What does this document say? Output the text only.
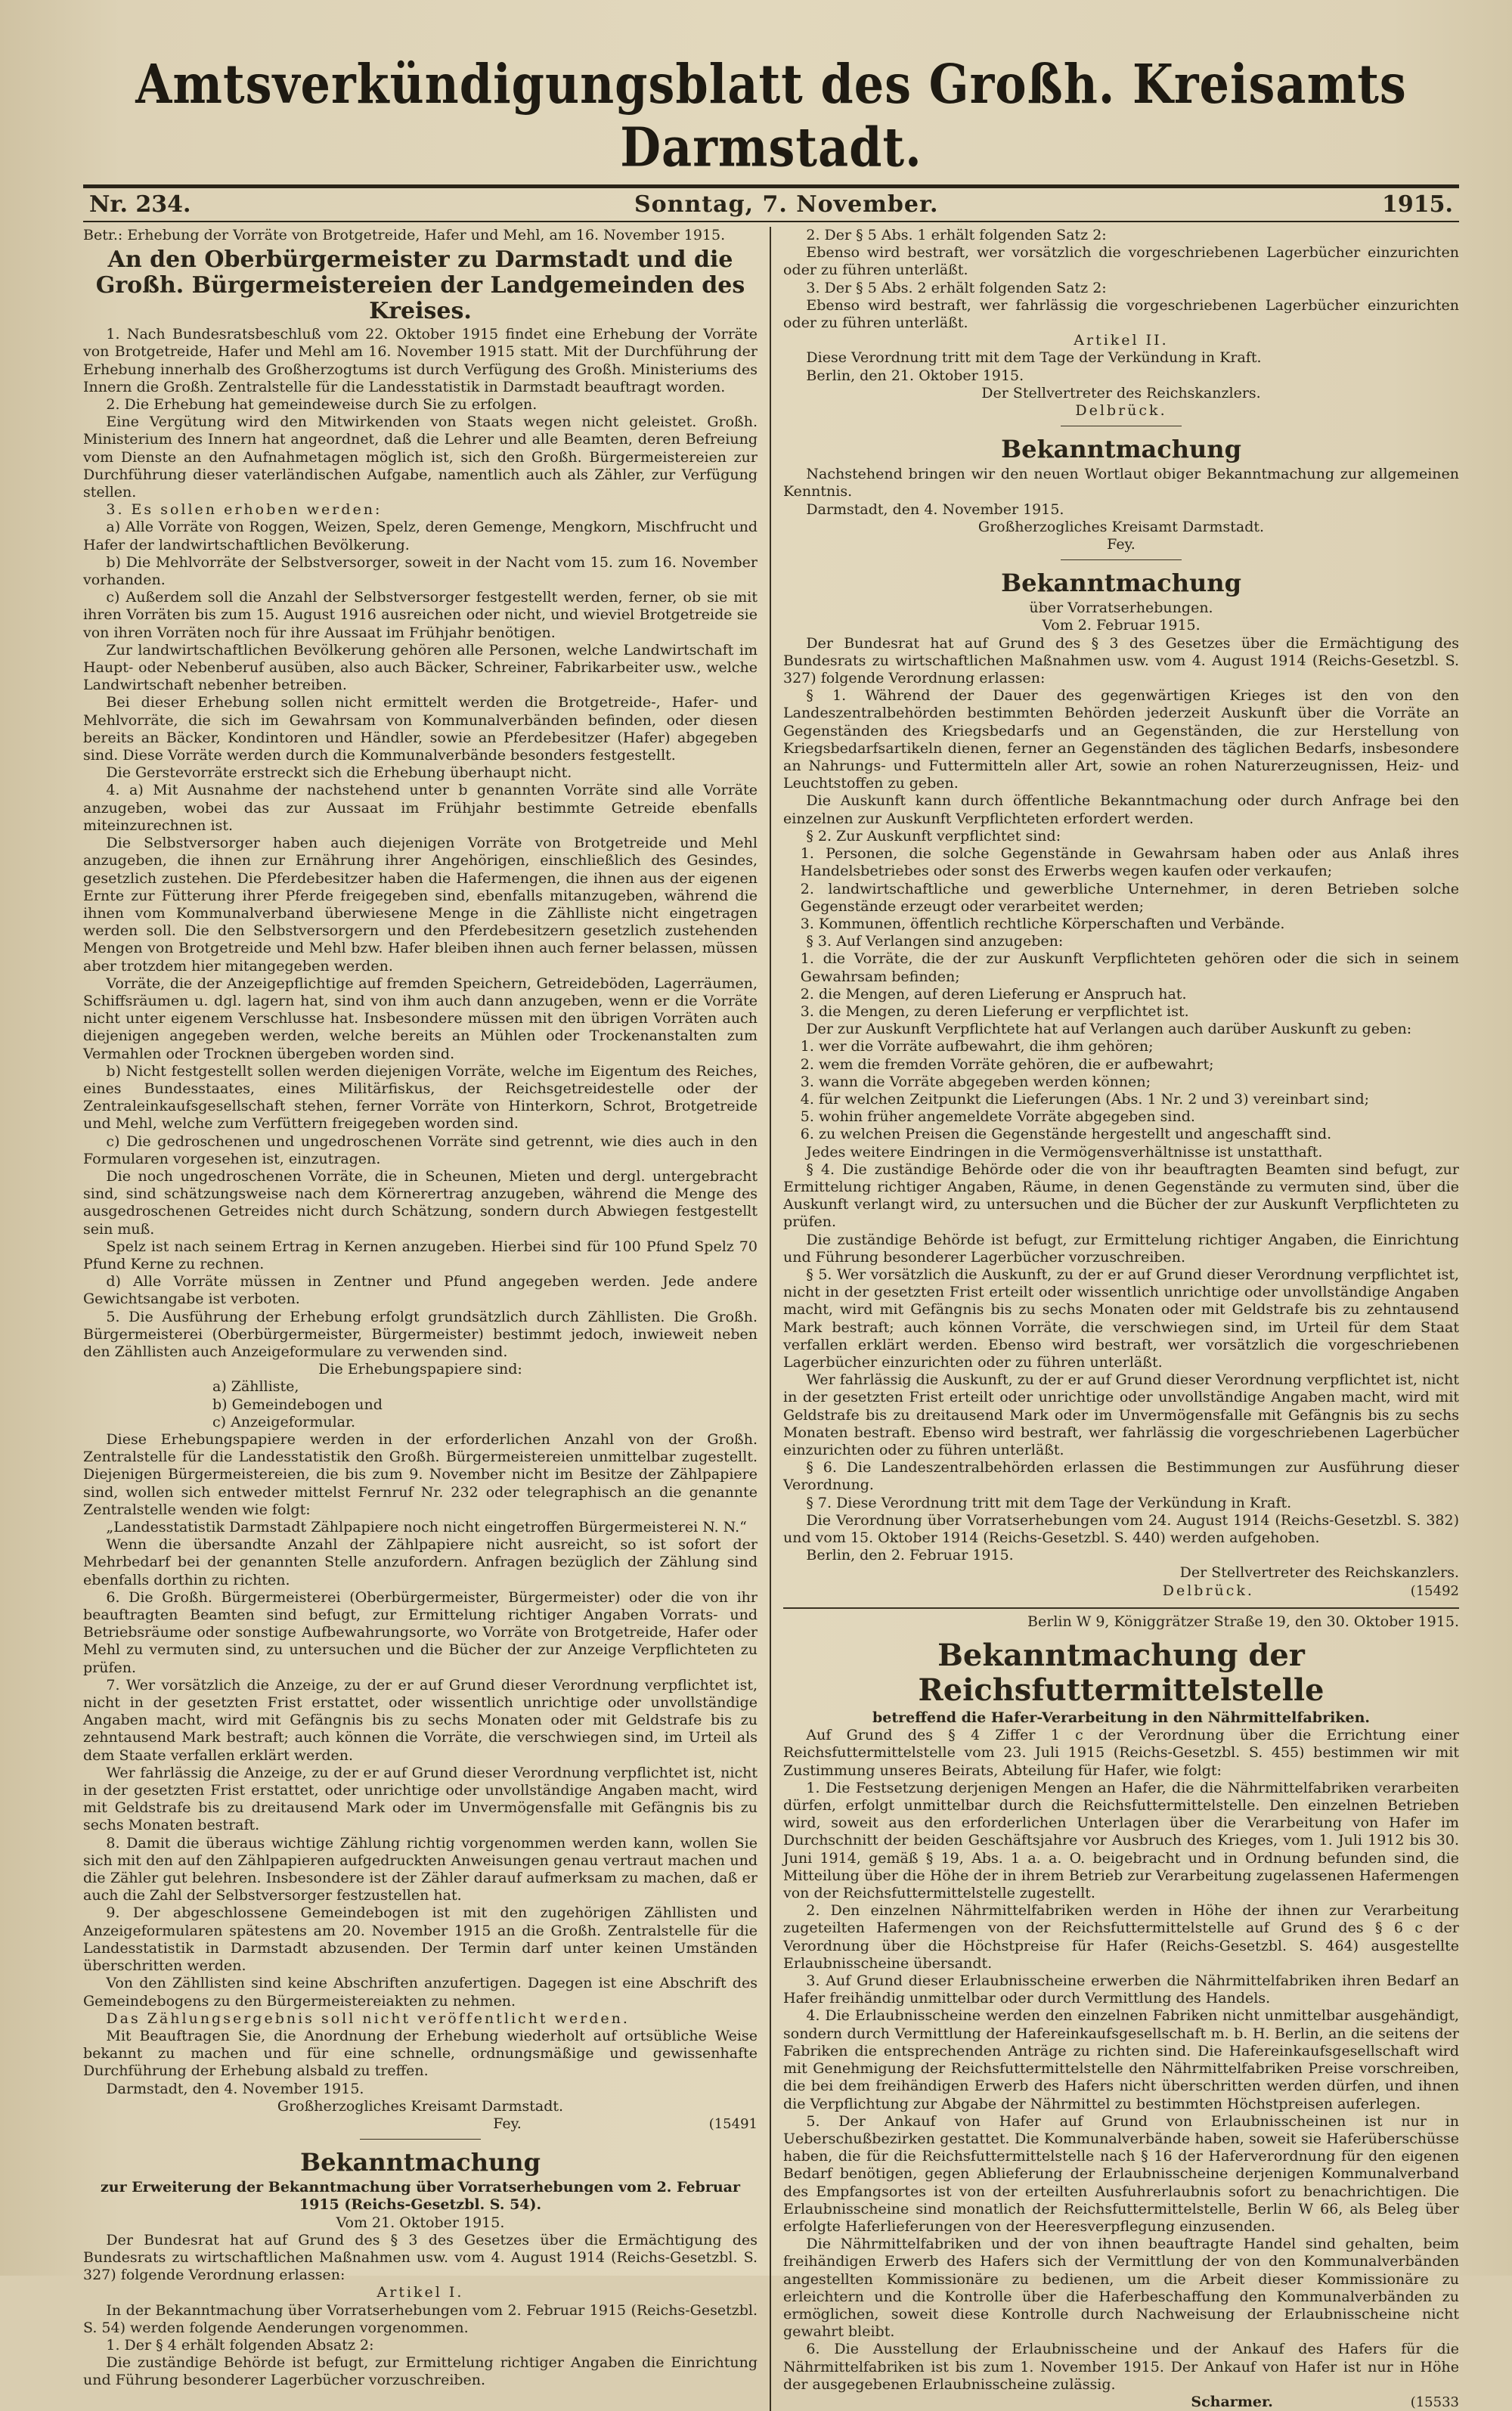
Amtsverkündigungsblatt des Großh. Kreisamts Darmstadt.
Nr. 234.	Sonntag, 7. November.	1915.

Betr.: Erhebung der Vorräte von Brotgetreide, Hafer und Mehl, am 16. November 1915.

An den Oberbürgermeister zu Darmstadt und die Großh. Bürgermeistereien der Landgemeinden des Kreises.

1. Nach Bundesratsbeschluß vom 22. Oktober 1915 findet eine Erhebung der Vorräte von Brotgetreide, Hafer und Mehl am 16. November 1915 statt. Mit der Durchführung der Erhebung innerhalb des Großherzogtums ist durch Verfügung des Großh. Ministeriums des Innern die Großh. Zentralstelle für die Landesstatistik in Darmstadt beauftragt worden.

2. Die Erhebung hat gemeindeweise durch Sie zu erfolgen.

Eine Vergütung wird den Mitwirkenden von Staats wegen nicht geleistet. Großh. Ministerium des Innern hat angeordnet, daß die Lehrer und alle Beamten, deren Befreiung vom Dienste an den Aufnahmetagen möglich ist, sich den Großh. Bürgermeistereien zur Durchführung dieser vaterländischen Aufgabe, namentlich auch als Zähler, zur Verfügung stellen.

3. Es sollen erhoben werden:

a) Alle Vorräte von Roggen, Weizen, Spelz, deren Gemenge, Mengkorn, Mischfrucht und Hafer der landwirtschaftlichen Bevölkerung.

b) Die Mehlvorräte der Selbstversorger, soweit in der Nacht vom 15. zum 16. November vorhanden.

c) Außerdem soll die Anzahl der Selbstversorger festgestellt werden, ferner, ob sie mit ihren Vorräten bis zum 15. August 1916 ausreichen oder nicht, und wieviel Brotgetreide sie von ihren Vorräten noch für ihre Aussaat im Frühjahr benötigen.

Zur landwirtschaftlichen Bevölkerung gehören alle Personen, welche Landwirtschaft im Haupt- oder Nebenberuf ausüben, also auch Bäcker, Schreiner, Fabrikarbeiter usw., welche Landwirtschaft nebenher betreiben.

Bei dieser Erhebung sollen nicht ermittelt werden die Brotgetreide-, Hafer- und Mehlvorräte, die sich im Gewahrsam von Kommunalverbänden befinden, oder diesen bereits an Bäcker, Kondintoren und Händler, sowie an Pferdebesitzer (Hafer) abgegeben sind. Diese Vorräte werden durch die Kommunalverbände besonders festgestellt.

Die Gerstevorräte erstreckt sich die Erhebung überhaupt nicht.

4. a) Mit Ausnahme der nachstehend unter b genannten Vorräte sind alle Vorräte anzugeben, wobei das zur Aussaat im Frühjahr bestimmte Getreide ebenfalls miteinzurechnen ist.

Die Selbstversorger haben auch diejenigen Vorräte von Brotgetreide und Mehl anzugeben, die ihnen zur Ernährung ihrer Angehörigen, einschließlich des Gesindes, gesetzlich zustehen. Die Pferdebesitzer haben die Hafermengen, die ihnen aus der eigenen Ernte zur Fütterung ihrer Pferde freigegeben sind, ebenfalls mitanzugeben, während die ihnen vom Kommunalverband überwiesene Menge in die Zählliste nicht eingetragen werden soll. Die den Selbstversorgern und den Pferdebesitzern gesetzlich zustehenden Mengen von Brotgetreide und Mehl bzw. Hafer bleiben ihnen auch ferner belassen, müssen aber trotzdem hier mitangegeben werden.

Vorräte, die der Anzeigepflichtige auf fremden Speichern, Getreideböden, Lagerräumen, Schiffsräumen u. dgl. lagern hat, sind von ihm auch dann anzugeben, wenn er die Vorräte nicht unter eigenem Verschlusse hat. Insbesondere müssen mit den übrigen Vorräten auch diejenigen angegeben werden, welche bereits an Mühlen oder Trockenanstalten zum Vermahlen oder Trocknen übergeben worden sind.

b) Nicht festgestellt sollen werden diejenigen Vorräte, welche im Eigentum des Reiches, eines Bundesstaates, eines Militärfiskus, der Reichsgetreidestelle oder der Zentraleinkaufsgesellschaft stehen, ferner Vorräte von Hinterkorn, Schrot, Brotgetreide und Mehl, welche zum Verfüttern freigegeben worden sind.

c) Die gedroschenen und ungedroschenen Vorräte sind getrennt, wie dies auch in den Formularen vorgesehen ist, einzutragen.

Die noch ungedroschenen Vorräte, die in Scheunen, Mieten und dergl. untergebracht sind, sind schätzungsweise nach dem Körnerertrag anzugeben, während die Menge des ausgedroschenen Getreides nicht durch Schätzung, sondern durch Abwiegen festgestellt sein muß.

Spelz ist nach seinem Ertrag in Kernen anzugeben. Hierbei sind für 100 Pfund Spelz 70 Pfund Kerne zu rechnen.

d) Alle Vorräte müssen in Zentner und Pfund angegeben werden. Jede andere Gewichtsangabe ist verboten.

5. Die Ausführung der Erhebung erfolgt grundsätzlich durch Zähllisten. Die Großh. Bürgermeisterei (Oberbürgermeister, Bürgermeister) bestimmt jedoch, inwieweit neben den Zähllisten auch Anzeigeformulare zu verwenden sind.

Die Erhebungspapiere sind:

a) Zählliste,

b) Gemeindebogen und

c) Anzeigeformular.

Diese Erhebungspapiere werden in der erforderlichen Anzahl von der Großh. Zentralstelle für die Landesstatistik den Großh. Bürgermeistereien unmittelbar zugestellt. Diejenigen Bürgermeistereien, die bis zum 9. November nicht im Besitze der Zählpapiere sind, wollen sich entweder mittelst Fernruf Nr. 232 oder telegraphisch an die genannte Zentralstelle wenden wie folgt:

„Landesstatistik Darmstadt Zählpapiere noch nicht eingetroffen Bürgermeisterei N. N.“

Wenn die übersandte Anzahl der Zählpapiere nicht ausreicht, so ist sofort der Mehrbedarf bei der genannten Stelle anzufordern. Anfragen bezüglich der Zählung sind ebenfalls dorthin zu richten.

6. Die Großh. Bürgermeisterei (Oberbürgermeister, Bürgermeister) oder die von ihr beauftragten Beamten sind befugt, zur Ermittelung richtiger Angaben Vorrats- und Betriebsräume oder sonstige Aufbewahrungsorte, wo Vorräte von Brotgetreide, Hafer oder Mehl zu vermuten sind, zu untersuchen und die Bücher der zur Anzeige Verpflichteten zu prüfen.

7. Wer vorsätzlich die Anzeige, zu der er auf Grund dieser Verordnung verpflichtet ist, nicht in der gesetzten Frist erstattet, oder wissentlich unrichtige oder unvollständige Angaben macht, wird mit Gefängnis bis zu sechs Monaten oder mit Geldstrafe bis zu zehntausend Mark bestraft; auch können die Vorräte, die verschwiegen sind, im Urteil als dem Staate verfallen erklärt werden.

Wer fahrlässig die Anzeige, zu der er auf Grund dieser Verordnung verpflichtet ist, nicht in der gesetzten Frist erstattet, oder unrichtige oder unvollständige Angaben macht, wird mit Geldstrafe bis zu dreitausend Mark oder im Unvermögensfalle mit Gefängnis bis zu sechs Monaten bestraft.

8. Damit die überaus wichtige Zählung richtig vorgenommen werden kann, wollen Sie sich mit den auf den Zählpapieren aufgedruckten Anweisungen genau vertraut machen und die Zähler gut belehren. Insbesondere ist der Zähler darauf aufmerksam zu machen, daß er auch die Zahl der Selbstversorger festzustellen hat.

9. Der abgeschlossene Gemeindebogen ist mit den zugehörigen Zähllisten und Anzeigeformularen spätestens am 20. November 1915 an die Großh. Zentralstelle für die Landesstatistik in Darmstadt abzusenden. Der Termin darf unter keinen Umständen überschritten werden.

Von den Zähllisten sind keine Abschriften anzufertigen. Dagegen ist eine Abschrift des Gemeindebogens zu den Bürgermeistereiakten zu nehmen.

Das Zählungsergebnis soll nicht veröffentlicht werden.

Mit Beauftragen Sie, die Anordnung der Erhebung wiederholt auf ortsübliche Weise bekannt zu machen und für eine schnelle, ordnungsmäßige und gewissenhafte Durchführung der Erhebung alsbald zu treffen.

Darmstadt, den 4. November 1915.

Großherzogliches Kreisamt Darmstadt.

Fey.	(15491
Bekanntmachung

zur Erweiterung der Bekanntmachung über Vorratserhebungen vom 2. Februar 1915 (Reichs-Gesetzbl. S. 54).

Vom 21. Oktober 1915.

Der Bundesrat hat auf Grund des § 3 des Gesetzes über die Ermächtigung des Bundesrats zu wirtschaftlichen Maßnahmen usw. vom 4. August 1914 (Reichs-Gesetzbl. S. 327) folgende Verordnung erlassen:

Artikel I.

In der Bekanntmachung über Vorratserhebungen vom 2. Februar 1915 (Reichs-Gesetzbl. S. 54) werden folgende Aenderungen vorgenommen.

1. Der § 4 erhält folgenden Absatz 2:

Die zuständige Behörde ist befugt, zur Ermittelung richtiger Angaben die Einrichtung und Führung besonderer Lagerbücher vorzuschreiben.

2. Der § 5 Abs. 1 erhält folgenden Satz 2:

Ebenso wird bestraft, wer vorsätzlich die vorgeschriebenen Lagerbücher einzurichten oder zu führen unterläßt.

3. Der § 5 Abs. 2 erhält folgenden Satz 2:

Ebenso wird bestraft, wer fahrlässig die vorgeschriebenen Lagerbücher einzurichten oder zu führen unterläßt.

Artikel II.

Diese Verordnung tritt mit dem Tage der Verkündung in Kraft.

Berlin, den 21. Oktober 1915.

Der Stellvertreter des Reichskanzlers.

Delbrück.

Bekanntmachung

Nachstehend bringen wir den neuen Wortlaut obiger Bekanntmachung zur allgemeinen Kenntnis.

Darmstadt, den 4. November 1915.

Großherzogliches Kreisamt Darmstadt.

Fey.

Bekanntmachung

über Vorratserhebungen.

Vom 2. Februar 1915.

Der Bundesrat hat auf Grund des § 3 des Gesetzes über die Ermächtigung des Bundesrats zu wirtschaftlichen Maßnahmen usw. vom 4. August 1914 (Reichs-Gesetzbl. S. 327) folgende Verordnung erlassen:

§ 1. Während der Dauer des gegenwärtigen Krieges ist den von den Landeszentralbehörden bestimmten Behörden jederzeit Auskunft über die Vorräte an Gegenständen des Kriegsbedarfs und an Gegenständen, die zur Herstellung von Kriegsbedarfsartikeln dienen, ferner an Gegenständen des täglichen Bedarfs, insbesondere an Nahrungs- und Futtermitteln aller Art, sowie an rohen Naturerzeugnissen, Heiz- und Leuchtstoffen zu geben.

Die Auskunft kann durch öffentliche Bekanntmachung oder durch Anfrage bei den einzelnen zur Auskunft Verpflichteten erfordert werden.

§ 2. Zur Auskunft verpflichtet sind:

1. Personen, die solche Gegenstände in Gewahrsam haben oder aus Anlaß ihres Handelsbetriebes oder sonst des Erwerbs wegen kaufen oder verkaufen;

2. landwirtschaftliche und gewerbliche Unternehmer, in deren Betrieben solche Gegenstände erzeugt oder verarbeitet werden;

3. Kommunen, öffentlich rechtliche Körperschaften und Verbände.

§ 3. Auf Verlangen sind anzugeben:

1. die Vorräte, die der zur Auskunft Verpflichteten gehören oder die sich in seinem Gewahrsam befinden;

2. die Mengen, auf deren Lieferung er Anspruch hat.

3. die Mengen, zu deren Lieferung er verpflichtet ist.

Der zur Auskunft Verpflichtete hat auf Verlangen auch darüber Auskunft zu geben:

1. wer die Vorräte aufbewahrt, die ihm gehören;

2. wem die fremden Vorräte gehören, die er aufbewahrt;

3. wann die Vorräte abgegeben werden können;

4. für welchen Zeitpunkt die Lieferungen (Abs. 1 Nr. 2 und 3) vereinbart sind;

5. wohin früher angemeldete Vorräte abgegeben sind.

6. zu welchen Preisen die Gegenstände hergestellt und angeschafft sind.

Jedes weitere Eindringen in die Vermögensverhältnisse ist unstatthaft.

§ 4. Die zuständige Behörde oder die von ihr beauftragten Beamten sind befugt, zur Ermittelung richtiger Angaben, Räume, in denen Gegenstände zu vermuten sind, über die Auskunft verlangt wird, zu untersuchen und die Bücher der zur Auskunft Verpflichteten zu prüfen.

Die zuständige Behörde ist befugt, zur Ermittelung richtiger Angaben, die Einrichtung und Führung besonderer Lagerbücher vorzuschreiben.

§ 5. Wer vorsätzlich die Auskunft, zu der er auf Grund dieser Verordnung verpflichtet ist, nicht in der gesetzten Frist erteilt oder wissentlich unrichtige oder unvollständige Angaben macht, wird mit Gefängnis bis zu sechs Monaten oder mit Geldstrafe bis zu zehntausend Mark bestraft; auch können Vorräte, die verschwiegen sind, im Urteil für dem Staat verfallen erklärt werden. Ebenso wird bestraft, wer vorsätzlich die vorgeschriebenen Lagerbücher einzurichten oder zu führen unterläßt.

Wer fahrlässig die Auskunft, zu der er auf Grund dieser Verordnung verpflichtet ist, nicht in der gesetzten Frist erteilt oder unrichtige oder unvollständige Angaben macht, wird mit Geldstrafe bis zu dreitausend Mark oder im Unvermögensfalle mit Gefängnis bis zu sechs Monaten bestraft. Ebenso wird bestraft, wer fahrlässig die vorgeschriebenen Lagerbücher einzurichten oder zu führen unterläßt.

§ 6. Die Landeszentralbehörden erlassen die Bestimmungen zur Ausführung dieser Verordnung.

§ 7. Diese Verordnung tritt mit dem Tage der Verkündung in Kraft.

Die Verordnung über Vorratserhebungen vom 24. August 1914 (Reichs-Gesetzbl. S. 382) und vom 15. Oktober 1914 (Reichs-Gesetzbl. S. 440) werden aufgehoben.

Berlin, den 2. Februar 1915.

Der Stellvertreter des Reichskanzlers.

Delbrück.	(15492

Berlin W 9, Königgrätzer Straße 19, den 30. Oktober 1915.

Bekanntmachung der Reichsfuttermittelstelle

betreffend die Hafer-Verarbeitung in den Nährmittelfabriken.

Auf Grund des § 4 Ziffer 1 c der Verordnung über die Errichtung einer Reichsfuttermittelstelle vom 23. Juli 1915 (Reichs-Gesetzbl. S. 455) bestimmen wir mit Zustimmung unseres Beirats, Abteilung für Hafer, wie folgt:

1. Die Festsetzung derjenigen Mengen an Hafer, die die Nährmittelfabriken verarbeiten dürfen, erfolgt unmittelbar durch die Reichsfuttermittelstelle. Den einzelnen Betrieben wird, soweit aus den erforderlichen Unterlagen über die Verarbeitung von Hafer im Durchschnitt der beiden Geschäftsjahre vor Ausbruch des Krieges, vom 1. Juli 1912 bis 30. Juni 1914, gemäß § 19, Abs. 1 a. a. O. beigebracht und in Ordnung befunden sind, die Mitteilung über die Höhe der in ihrem Betrieb zur Verarbeitung zugelassenen Hafermengen von der Reichsfuttermittelstelle zugestellt.

2. Den einzelnen Nährmittelfabriken werden in Höhe der ihnen zur Verarbeitung zugeteilten Hafermengen von der Reichsfuttermittelstelle auf Grund des § 6 c der Verordnung über die Höchstpreise für Hafer (Reichs-Gesetzbl. S. 464) ausgestellte Erlaubnisscheine übersandt.

3. Auf Grund dieser Erlaubnisscheine erwerben die Nährmittelfabriken ihren Bedarf an Hafer freihändig unmittelbar oder durch Vermittlung des Handels.

4. Die Erlaubnisscheine werden den einzelnen Fabriken nicht unmittelbar ausgehändigt, sondern durch Vermittlung der Hafereinkaufsgesellschaft m. b. H. Berlin, an die seitens der Fabriken die entsprechenden Anträge zu richten sind. Die Hafereinkaufsgesellschaft wird mit Genehmigung der Reichsfuttermittelstelle den Nährmittelfabriken Preise vorschreiben, die bei dem freihändigen Erwerb des Hafers nicht überschritten werden dürfen, und ihnen die Verpflichtung zur Abgabe der Nährmittel zu bestimmten Höchstpreisen auferlegen.

5. Der Ankauf von Hafer auf Grund von Erlaubnisscheinen ist nur in Ueberschußbezirken gestattet. Die Kommunalverbände haben, soweit sie Haferüberschüsse haben, die für die Reichsfuttermittelstelle nach § 16 der Haferverordnung für den eigenen Bedarf benötigen, gegen Ablieferung der Erlaubnisscheine derjenigen Kommunalverband des Empfangsortes ist von der erteilten Ausfuhrerlaubnis sofort zu benachrichtigen. Die Erlaubnisscheine sind monatlich der Reichsfuttermittelstelle, Berlin W 66, als Beleg über erfolgte Haferlieferungen von der Heeresverpflegung einzusenden.

Die Nährmittelfabriken und der von ihnen beauftragte Handel sind gehalten, beim freihändigen Erwerb des Hafers sich der Vermittlung der von den Kommunalverbänden angestellten Kommissionäre zu bedienen, um die Arbeit dieser Kommissionäre zu erleichtern und die Kontrolle über die Haferbeschaffung den Kommunalverbänden zu ermöglichen, soweit diese Kontrolle durch Nachweisung der Erlaubnisscheine nicht gewahrt bleibt.

6. Die Ausstellung der Erlaubnisscheine und der Ankauf des Hafers für die Nährmittelfabriken ist bis zum 1. November 1915. Der Ankauf von Hafer ist nur in Höhe der ausgegebenen Erlaubnisscheine zulässig.

Scharmer.	(15533
